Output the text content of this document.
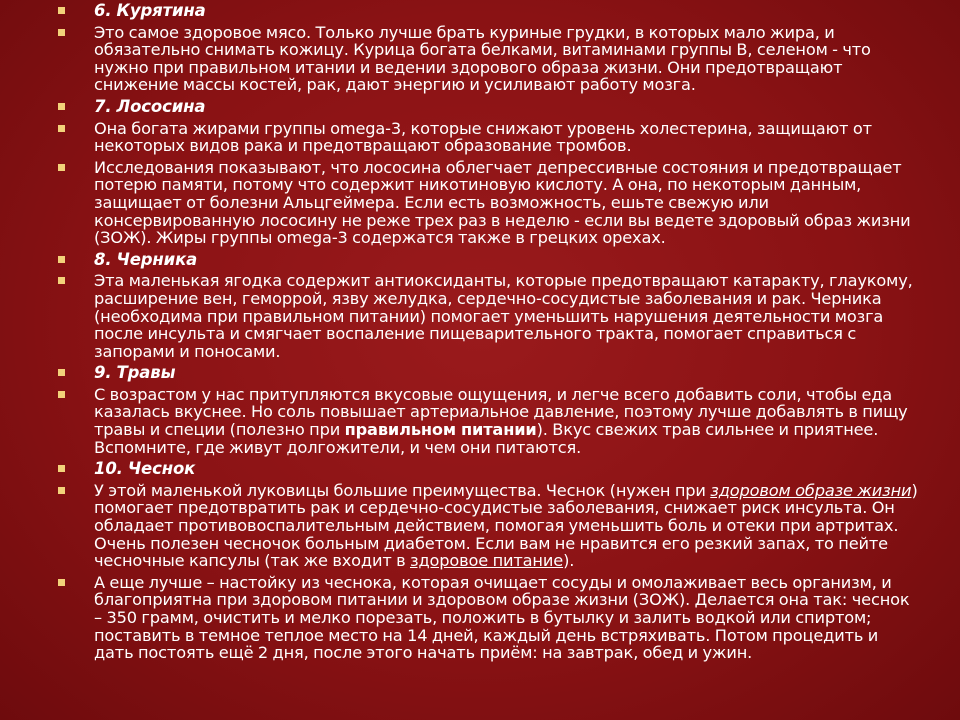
6. Курятина
Это самое здоровое мясо. Только лучше брать куриные грудки, в которых мало жира, и обязательно снимать кожицу. Курица богата белками, витаминами группы В, селеном - что нужно при правильном итании и ведении здорового образа жизни. Они предотвращают снижение массы костей, рак, дают энергию и усиливают работу мозга.
7. Лососина
Она богата жирами группы omega-3, которые снижают уровень холестерина, защищают от некоторых видов рака и предотвращают образование тромбов.
Исследования показывают, что лососина облегчает депрессивные состояния и предотвращает потерю памяти, потому что содержит никотиновую кислоту. А она, по некоторым данным, защищает от болезни Альцгеймера. Если есть возможность, ешьте свежую или консервированную лососину не реже трех раз в неделю - если вы ведете здоровый образ жизни (ЗОЖ). Жиры группы omega-3 содержатся также в грецких орехах.
8. Черника
Эта маленькая ягодка содержит антиоксиданты, которые предотвращают катаракту, глаукому, расширение вен, геморрой, язву желудка, сердечно-сосудистые заболевания и рак. Черника (необходима при правильном питании) помогает уменьшить нарушения деятельности мозга после инсульта и смягчает воспаление пищеварительного тракта, помогает справиться с запорами и поносами.
9. Травы
С возрастом у нас притупляются вкусовые ощущения, и легче всего добавить соли, чтобы еда казалась вкуснее. Но соль повышает артериальное давление, поэтому лучше добавлять в пищу травы и специи (полезно при правильном питании). Вкус свежих трав сильнее и приятнее. Вспомните, где живут долгожители, и чем они питаются.
10. Чеснок
У этой маленькой луковицы большие преимущества. Чеснок (нужен при здоровом образе жизни) помогает предотвратить рак и сердечно-сосудистые заболевания, снижает риск инсульта. Он обладает противовоспалительным действием, помогая уменьшить боль и отеки при артритах. Очень полезен чесночок больным диабетом. Если вам не нравится его резкий запах, то пейте чесночные капсулы (так же входит в здоровое питание).
А еще лучше – настойку из чеснока, которая очищает сосуды и омолаживает весь организм, и благоприятна при здоровом питании и здоровом образе жизни (ЗОЖ). Делается она так: чеснок – 350 грамм, очистить и мелко порезать, положить в бутылку и залить водкой или спиртом; поставить в темное теплое место на 14 дней, каждый день встряхивать. Потом процедить и дать постоять ещё 2 дня, после этого начать приём: на завтрак, обед и ужин.
